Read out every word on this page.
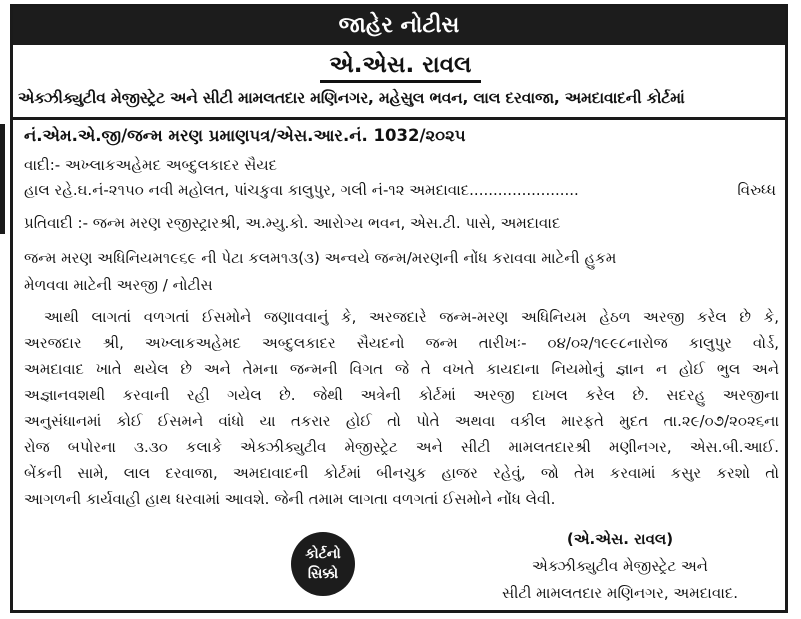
જાહેર નોટીસ
એ.એસ. રાવલ
એક્ઝીક્યુટીવ મેજીસ્ટ્રેટ અને સીટી મામલતદાર મણિનગર, મહેસુલ ભવન, લાલ દરવાજા, અમદાવાદની કોર્ટમાં
નં.એમ.એ.જી/જન્મ મરણ પ્રમાણપત્ર/એસ.આર.નં. 1032/૨૦૨૫
વાદી:- અખ્લાકઅહેમદ અબ્દુલકાદર સૈયદ
હાલ રહે.ઘ.નં-૨૧૫૦ નવી મહોલત, પાંચકુવા કાલુપુર, ગલી નં-૧૨ અમદાવાદ.......................	વિરુધ્ધ
પ્રતિવાદી :- જન્મ મરણ રજીસ્ટ્રારશ્રી, અ.મ્યુ.કો. આરોગ્ય ભવન, એસ.ટી. પાસે, અમદાવાદ
જન્મ મરણ અધિનિયમ૧૯૬૯ ની પેટા કલમ૧૩(૩) અન્વયે જન્મ/મરણની નોંધ કરાવવા માટેની હુકમ
મેળવવા માટેની અરજી / નોટીસ
આથી લાગતાં વળગતાં ઈસમોને જણાવવાનું કે, અરજદારે જન્મ-મરણ અધિનિયમ હેઠળ અરજી કરેલ છે કે,
અરજદાર શ્રી, અખ્લાકઅહેમદ અબ્દુલકાદર સૈયદનો જન્મ તારીખઃ- ૦૪/૦૨/૧૯૯૮નારોજ કાલુપુર વોર્ડ,
અમદાવાદ ખાતે થયેલ છે અને તેમના જન્મની વિગત જે તે વખતે કાયદાના નિયમોનું જ્ઞાન ન હોઈ ભુલ અને
અજ્ઞાનવશથી કરવાની રહી ગયેલ છે. જેથી અત્રેની કોર્ટમાં અરજી દાખલ કરેલ છે. સદરહુ અરજીના
અનુસંધાનમાં કોઈ ઈસમને વાંધો યા તકરાર હોઈ તો પોતે અથવા વકીલ મારફતે મુદત તા.૨૯/૦૭/૨૦૨૬ના
રોજ બપોરના ૩.૩૦ કલાકે એક્ઝીક્યુટીવ મેજીસ્ટ્રેટ અને સીટી મામલતદારશ્રી મણીનગર, એસ.બી.આઈ.
બેંકની સામે, લાલ દરવાજા, અમદાવાદની કોર્ટમાં બીનચુક હાજર રહેવું, જો તેમ કરવામાં કસુર કરશો તો
આગળની કાર્યવાહી હાથ ધરવામાં આવશે. જેની તમામ લાગતા વળગતાં ઈસમોને નોંધ લેવી.
કોર્ટનો
સિક્કો
(એ.એસ. રાવલ)
એક્ઝીક્યુટીવ મેજીસ્ટ્રેટ અને
સીટી મામલતદાર મણિનગર, અમદાવાદ.
